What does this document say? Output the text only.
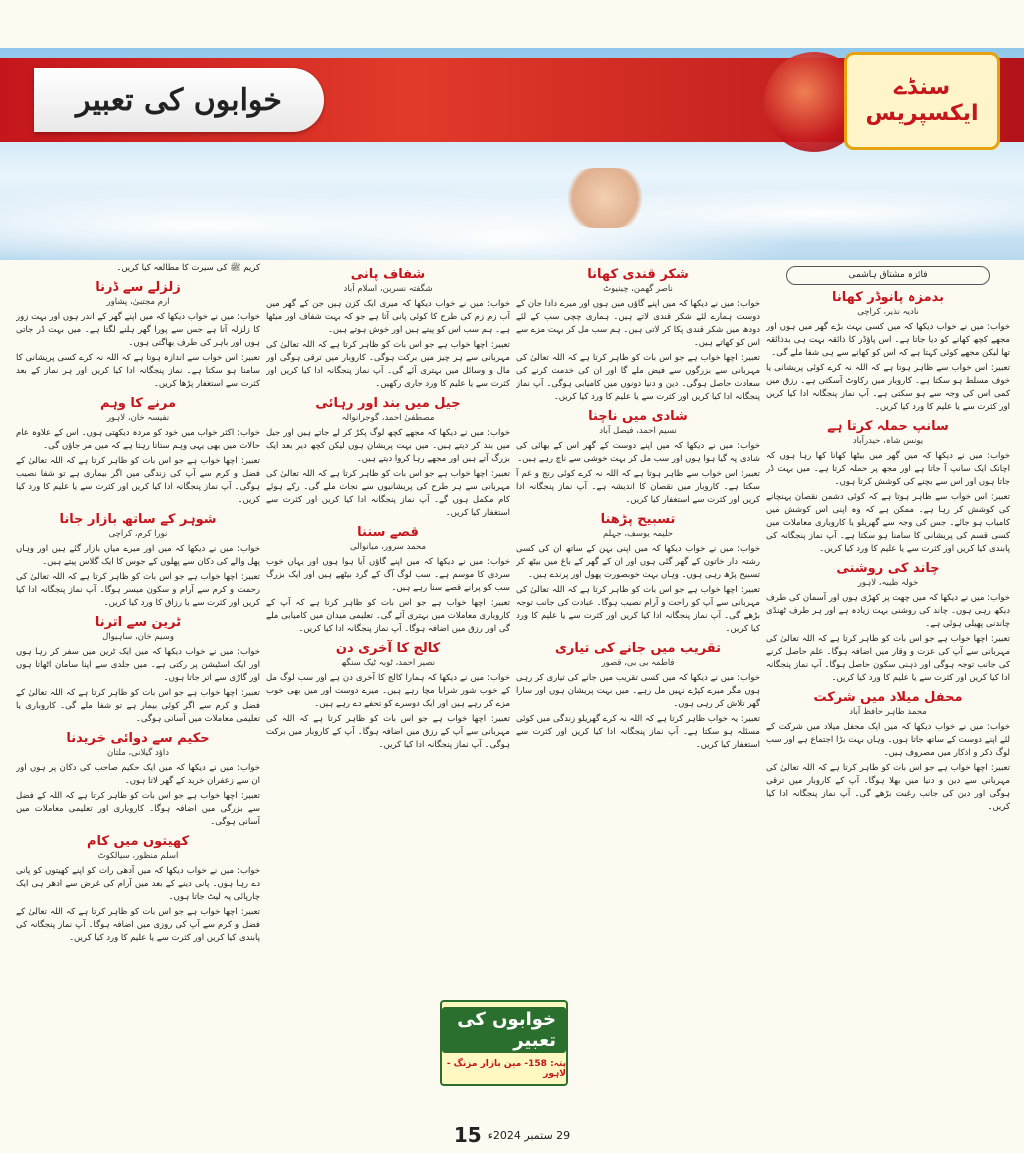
خوابوں کی تعبیر	سنڈے
ایکسپریس
فائزہ مشتاق ہاشمی
بدمزہ پانوڈر کھانا
نادیہ نذیر، کراچی

خواب: میں نے خواب دیکھا کہ میں کسی بہت بڑے گھر میں ہوں اور مجھے کچھ کھانے کو دیا جاتا ہے۔ اس پاؤڈر کا ذائقہ بہت ہی بدذائقہ تھا لیکن مجھے کوئی کہتا ہے کہ اس کو کھانے سے ہی شفا ملے گی۔

تعبیر: اس خواب سے ظاہر ہوتا ہے کہ اللہ نہ کرے کوئی پریشانی یا خوف مسلط ہو سکتا ہے۔ کاروبار میں رکاوٹ آسکتی ہے۔ رزق میں کمی اس کی وجہ سے ہو سکتی ہے۔ آپ نماز پنجگانہ ادا کیا کریں اور کثرت سے یا علیم کا ورد کیا کریں۔

سانپ حملہ کرتا ہے
یونس شاہ، حیدرآباد

خواب: میں نے دیکھا کہ میں گھر میں بیٹھا کھانا کھا رہا ہوں کہ اچانک ایک سانپ آ جاتا ہے اور مجھ پر حملہ کرتا ہے۔ میں بہت ڈر جاتا ہوں اور اس سے بچنے کی کوشش کرتا ہوں۔

تعبیر: اس خواب سے ظاہر ہوتا ہے کہ کوئی دشمن نقصان پہنچانے کی کوشش کر رہا ہے۔ ممکن ہے کہ وہ اپنی اس کوشش میں کامیاب ہو جائے۔ جس کی وجہ سے گھریلو یا کاروباری معاملات میں کسی قسم کی پریشانی کا سامنا ہو سکتا ہے۔ آپ نماز پنجگانہ کی پابندی کیا کریں اور کثرت سے یا علیم کا ورد کیا کریں۔

چاند کی روشنی
خولہ طیبہ، لاہور

خواب: میں نے دیکھا کہ میں چھت پر کھڑی ہوں اور آسمان کی طرف دیکھ رہی ہوں۔ چاند کی روشنی بہت زیادہ ہے اور ہر طرف ٹھنڈی چاندنی پھیلی ہوئی ہے۔

تعبیر: اچھا خواب ہے جو اس بات کو ظاہر کرتا ہے کہ اللہ تعالیٰ کی مہربانی سے آپ کی عزت و وقار میں اضافہ ہوگا۔ علم حاصل کرنے کی جانب توجہ ہوگی اور ذہنی سکون حاصل ہوگا۔ آپ نماز پنجگانہ ادا کیا کریں اور کثرت سے یا علیم کا ورد کیا کریں۔

محفل میلاد میں شرکت
محمد طاہر حافظ آباد

خواب: میں نے خواب دیکھا کہ میں ایک محفل میلاد میں شرکت کے لئے اپنے دوست کے ساتھ جاتا ہوں۔ وہاں بہت بڑا اجتماع ہے اور سب لوگ ذکر و اذکار میں مصروف ہیں۔

تعبیر: اچھا خواب ہے جو اس بات کو ظاہر کرتا ہے کہ اللہ تعالیٰ کی مہربانی سے دین و دنیا میں بھلا ہوگا۔ آپ کے کاروبار میں ترقی ہوگی اور دین کی جانب رغبت بڑھے گی۔ آپ نماز پنجگانہ ادا کیا کریں۔

شکر قندی کھانا
ناصر گھمن، چینیوٹ

خواب: میں نے دیکھا کہ میں اپنے گاؤں میں ہوں اور میرے دادا جان کے دوست ہمارے لئے شکر قندی لاتے ہیں۔ ہماری چچی سب کے لئے دودھ میں شکر قندی پکا کر لاتی ہیں۔ ہم سب مل کر بہت مزے سے اس کو کھاتے ہیں۔

تعبیر: اچھا خواب ہے جو اس بات کو ظاہر کرتا ہے کہ اللہ تعالیٰ کی مہربانی سے بزرگوں سے فیض ملے گا اور ان کی خدمت کرنے کی سعادت حاصل ہوگی۔ دین و دنیا دونوں میں کامیابی ہوگی۔ آپ نماز پنجگانہ ادا کیا کریں اور کثرت سے یا علیم کا ورد کیا کریں۔

شادی میں ناچنا
نسیم احمد، فیصل آباد

خواب: میں نے دیکھا کہ میں اپنے دوست کے گھر اس کے بھائی کی شادی پہ گیا ہوا ہوں اور سب مل کر بہت خوشی سے ناچ رہے ہیں۔

تعبیر: اس خواب سے ظاہر ہوتا ہے کہ اللہ نہ کرے کوئی رنج و غم آ سکتا ہے۔ کاروبار میں نقصان کا اندیشہ ہے۔ آپ نماز پنجگانہ ادا کریں اور کثرت سے استغفار کیا کریں۔

تسبیح پڑھنا
حلیمہ یوسف، جہلم

خواب: میں نے خواب دیکھا کہ میں اپنی بہن کے ساتھ ان کی کسی رشتہ دار خاتون کے گھر گئی ہوں اور ان کے گھر کے باغ میں بیٹھ کر تسبیح پڑھ رہی ہوں۔ وہاں بہت خوبصورت پھول اور پرندے ہیں۔

تعبیر: اچھا خواب ہے جو اس بات کو ظاہر کرتا ہے کہ اللہ تعالیٰ کی مہربانی سے آپ کو راحت و آرام نصیب ہوگا۔ عبادت کی جانب توجہ بڑھے گی۔ آپ نماز پنجگانہ ادا کیا کریں اور کثرت سے یا علیم کا ورد کیا کریں۔

تقریب میں جانے کی تیاری
فاطمہ بی بی، قصور

خواب: میں نے دیکھا کہ میں کسی تقریب میں جانے کی تیاری کر رہی ہوں مگر میرے کپڑے نہیں مل رہے۔ میں بہت پریشان ہوں اور سارا گھر تلاش کر رہی ہوں۔

تعبیر: یہ خواب ظاہر کرتا ہے کہ اللہ نہ کرے گھریلو زندگی میں کوئی مسئلہ ہو سکتا ہے۔ آپ نماز پنجگانہ ادا کیا کریں اور کثرت سے استغفار کیا کریں۔

شفاف پانی
شگفتہ نسرین، اسلام آباد

خواب: میں نے خواب دیکھا کہ میری ایک کزن ہیں جن کے گھر میں آب زم زم کی طرح کا کوئی پانی آتا ہے جو کہ بہت شفاف اور میٹھا ہے۔ ہم سب اس کو پیتے ہیں اور خوش ہوتے ہیں۔

تعبیر: اچھا خواب ہے جو اس بات کو ظاہر کرتا ہے کہ اللہ تعالیٰ کی مہربانی سے ہر چیز میں برکت ہوگی۔ کاروبار میں ترقی ہوگی اور مال و وسائل میں بہتری آئے گی۔ آپ نماز پنجگانہ ادا کیا کریں اور کثرت سے یا علیم کا ورد جاری رکھیں۔

جیل میں بند اور رہائی
مصطفیٰ احمد، گوجرانوالہ

خواب: میں نے دیکھا کہ مجھے کچھ لوگ پکڑ کر لے جاتے ہیں اور جیل میں بند کر دیتے ہیں۔ میں بہت پریشان ہوں لیکن کچھ دیر بعد ایک بزرگ آتے ہیں اور مجھے رہا کروا دیتے ہیں۔

تعبیر: اچھا خواب ہے جو اس بات کو ظاہر کرتا ہے کہ اللہ تعالیٰ کی مہربانی سے ہر طرح کی پریشانیوں سے نجات ملے گی۔ رکے ہوئے کام مکمل ہوں گے۔ آپ نماز پنجگانہ ادا کیا کریں اور کثرت سے استغفار کیا کریں۔

قصے سننا
محمد سرور، میانوالی

خواب: میں نے دیکھا کہ میں اپنے گاؤں آیا ہوا ہوں اور یہاں خوب سردی کا موسم ہے۔ سب لوگ آگ کے گرد بیٹھے ہیں اور ایک بزرگ سب کو پرانے قصے سنا رہے ہیں۔

تعبیر: اچھا خواب ہے جو اس بات کو ظاہر کرتا ہے کہ آپ کے کاروباری معاملات میں بہتری آئے گی۔ تعلیمی میدان میں کامیابی ملے گی اور رزق میں اضافہ ہوگا۔ آپ نماز پنجگانہ ادا کیا کریں۔

کالج کا آخری دن
نصیر احمد، ٹوبہ ٹیک سنگھ

خواب: میں نے دیکھا کہ ہمارا کالج کا آخری دن ہے اور سب لوگ مل کے خوب شور شرابا مچا رہے ہیں۔ میرے دوست اور میں بھی خوب مزے کر رہے ہیں اور ایک دوسرے کو تحفے دے رہے ہیں۔

تعبیر: اچھا خواب ہے جو اس بات کو ظاہر کرتا ہے کہ اللہ کی مہربانی سے آپ کے رزق میں اضافہ ہوگا۔ آپ کے کاروبار میں برکت ہوگی۔ آپ نماز پنجگانہ ادا کیا کریں۔

کریم ﷺ کی سیرت کا مطالعہ کیا کریں۔

زلزلے سے ڈرنا
ارم مجتبیٰ، پشاور

خواب: میں نے خواب دیکھا کہ میں اپنے گھر کے اندر ہوں اور بہت زور کا زلزلہ آتا ہے جس سے پورا گھر ہلنے لگتا ہے۔ میں بہت ڈر جاتی ہوں اور باہر کی طرف بھاگتی ہوں۔

تعبیر: اس خواب سے اندازہ ہوتا ہے کہ اللہ نہ کرے کسی پریشانی کا سامنا ہو سکتا ہے۔ نماز پنجگانہ ادا کیا کریں اور ہر نماز کے بعد کثرت سے استغفار پڑھا کریں۔

مرنے کا وہم
نفیسہ خان، لاہور

خواب: اکثر خواب میں خود کو مردہ دیکھتی ہوں۔ اس کے علاوہ عام حالات میں بھی یہی وہم ستاتا رہتا ہے کہ میں مر جاؤں گی۔

تعبیر: اچھا خواب ہے جو اس بات کو ظاہر کرتا ہے کہ اللہ تعالیٰ کے فضل و کرم سے آپ کی زندگی میں اگر بیماری ہے تو شفا نصیب ہوگی۔ آپ نماز پنجگانہ ادا کیا کریں اور کثرت سے یا علیم کا ورد کیا کریں۔

شوہر کے ساتھ بازار جانا
نورا کرم، کراچی

خواب: میں نے دیکھا کہ میں اور میرے میاں بازار گئے ہیں اور وہاں پھل والے کی دکان سے پھلوں کے جوس کا ایک گلاس پیتے ہیں۔

تعبیر: اچھا خواب ہے جو اس بات کو ظاہر کرتا ہے کہ اللہ تعالیٰ کی رحمت و کرم سے آرام و سکون میسر ہوگا۔ آپ نماز پنجگانہ ادا کیا کریں اور کثرت سے یا رزاق کا ورد کیا کریں۔

ٹرین سے اترنا
وسیم خان، ساہیوال

خواب: میں نے خواب دیکھا کہ میں ایک ٹرین میں سفر کر رہا ہوں اور ایک اسٹیشن پر رکتی ہے۔ میں جلدی سے اپنا سامان اٹھاتا ہوں اور گاڑی سے اتر جاتا ہوں۔

تعبیر: اچھا خواب ہے جو اس بات کو ظاہر کرتا ہے کہ اللہ تعالیٰ کے فضل و کرم سے اگر کوئی بیمار ہے تو شفا ملے گی۔ کاروباری یا تعلیمی معاملات میں آسانی ہوگی۔

حکیم سے دوائی خریدنا
داؤد گیلانی، ملتان

خواب: میں نے دیکھا کہ میں ایک حکیم صاحب کی دکان پر ہوں اور ان سے زعفران خرید کے گھر لاتا ہوں۔

تعبیر: اچھا خواب ہے جو اس بات کو ظاہر کرتا ہے کہ اللہ کے فضل سے بزرگی میں اضافہ ہوگا۔ کاروباری اور تعلیمی معاملات میں آسانی ہوگی۔

کھیتوں میں کام
اسلم منظور، سیالکوٹ

خواب: میں نے خواب دیکھا کہ میں آدھی رات کو اپنے کھیتوں کو پانی دے رہا ہوں۔ پانی دینے کے بعد میں آرام کی غرض سے ادھر ہی ایک چارپائی پہ لیٹ جاتا ہوں۔

تعبیر: اچھا خواب ہے جو اس بات کو ظاہر کرتا ہے کہ اللہ تعالیٰ کے فضل و کرم سے آپ کی روزی میں اضافہ ہوگا۔ آپ نماز پنجگانہ کی پابندی کیا کریں اور کثرت سے یا علیم کا ورد کیا کریں۔

خوابوں کی تعبیر
پتہ: 158- مین بازار مزنگ - لاہور
29 ستمبر 2024ء
15
